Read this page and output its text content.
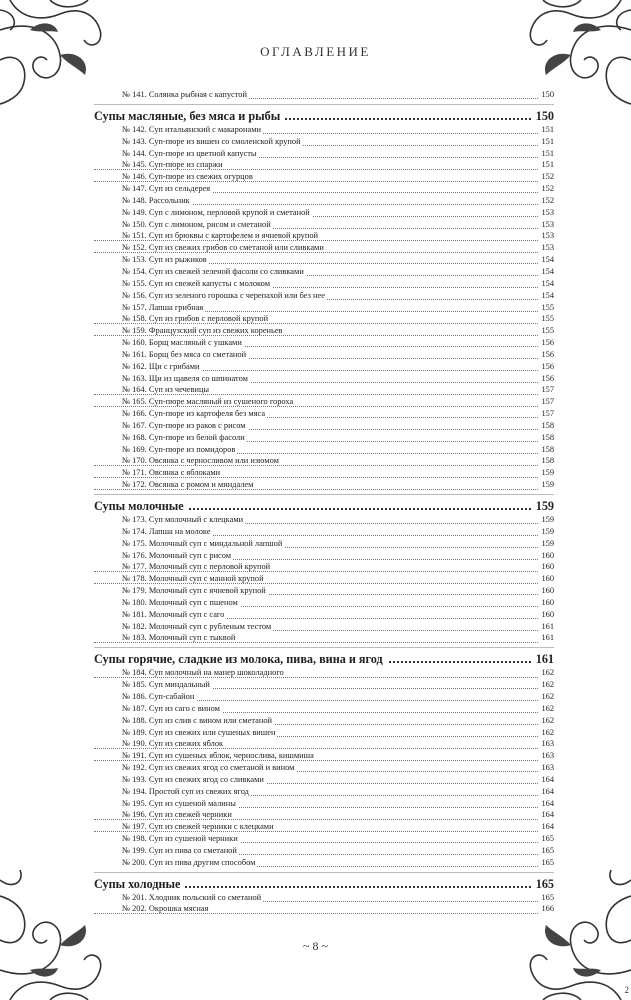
ОГЛАВЛЕНИЕ
№ 141. Солянка рыбная с капустой	150
Супы масляные, без мяса и рыбы	150
№ 142. Суп итальянский с макаронами	151
№ 143. Суп-пюре из вишен со смоленской крупой	151
№ 144. Суп-пюре из цветной капусты	151
№ 145. Суп-пюре из спаржи	151
№ 146. Суп-пюре из свежих огурцов	152
№ 147. Суп из сельдерея	152
№ 148. Рассольник	152
№ 149. Суп с лимоном, перловой крупой и сметаной	153
№ 150. Суп с лимоном, рисом и сметаной	153
№ 151. Суп из брюквы с картофелем и ячневой крупой	153
№ 152. Суп из свежих грибов со сметаной или сливками	153
№ 153. Суп из рыжиков	154
№ 154. Суп из свежей зеленой фасоли со сливками	154
№ 155. Суп из свежей капусты с молоком	154
№ 156. Суп из зеленого горошка с черепахой или без нее	154
№ 157. Лапша грибная	155
№ 158. Суп из грибов с перловой крупой	155
№ 159. Французский суп из свежих кореньев	155
№ 160. Борщ масляный с ушками	156
№ 161. Борщ без мяса со сметаной	156
№ 162. Щи с грибами	156
№ 163. Щи из щавеля со шпинатом	156
№ 164. Суп из чечевицы	157
№ 165. Суп-пюре масляный из сушеного гороха	157
№ 166. Суп-пюре из картофеля без мяса	157
№ 167. Суп-пюре из раков с рисом	158
№ 168. Суп-пюре из белой фасоли	158
№ 169. Суп-пюре из помидоров	158
№ 170. Овсянка с черносливом или изюмом	158
№ 171. Овсянка с яблоками	159
№ 172. Овсянка с ромом и миндалем	159
Супы молочные	159
№ 173. Суп молочный с клецками	159
№ 174. Лапша на молоке	159
№ 175. Молочный суп с миндальной лапшой	159
№ 176. Молочный суп с рисом	160
№ 177. Молочный суп с перловой крупой	160
№ 178. Молочный суп с манной крупой	160
№ 179. Молочный суп с ячневой крупой	160
№ 180. Молочный суп с пшеном	160
№ 181. Молочный суп с саго	160
№ 182. Молочный суп с рубленым тестом	161
№ 183. Молочный суп с тыквой	161
Супы горячие, сладкие из молока, пива, вина и ягод	161
№ 184. Суп молочный на манер шоколадного	162
№ 185. Суп миндальный	162
№ 186. Суп-сабайон	162
№ 187. Суп из саго с вином	162
№ 188. Суп из слив с вином или сметаной	162
№ 189. Суп из свежих или сушеных вишен	162
№ 190. Суп из свежих яблок	163
№ 191. Суп из сушеных яблок, чернослива, кишмиша	163
№ 192. Суп из свежих ягод со сметаной и вином	163
№ 193. Суп из свежих ягод со сливками	164
№ 194. Простой суп из свежих ягод	164
№ 195. Суп из сушеной малины	164
№ 196. Суп из свежей черники	164
№ 197. Суп из свежей черники с клецками	164
№ 198. Суп из сушеной черники	165
№ 199. Суп из пива со сметаной	165
№ 200. Суп из пива другим способом	165
Супы холодные	165
№ 201. Хлодник польский со сметаной	165
№ 202. Окрошка мясная	166
~ 8 ~
2
